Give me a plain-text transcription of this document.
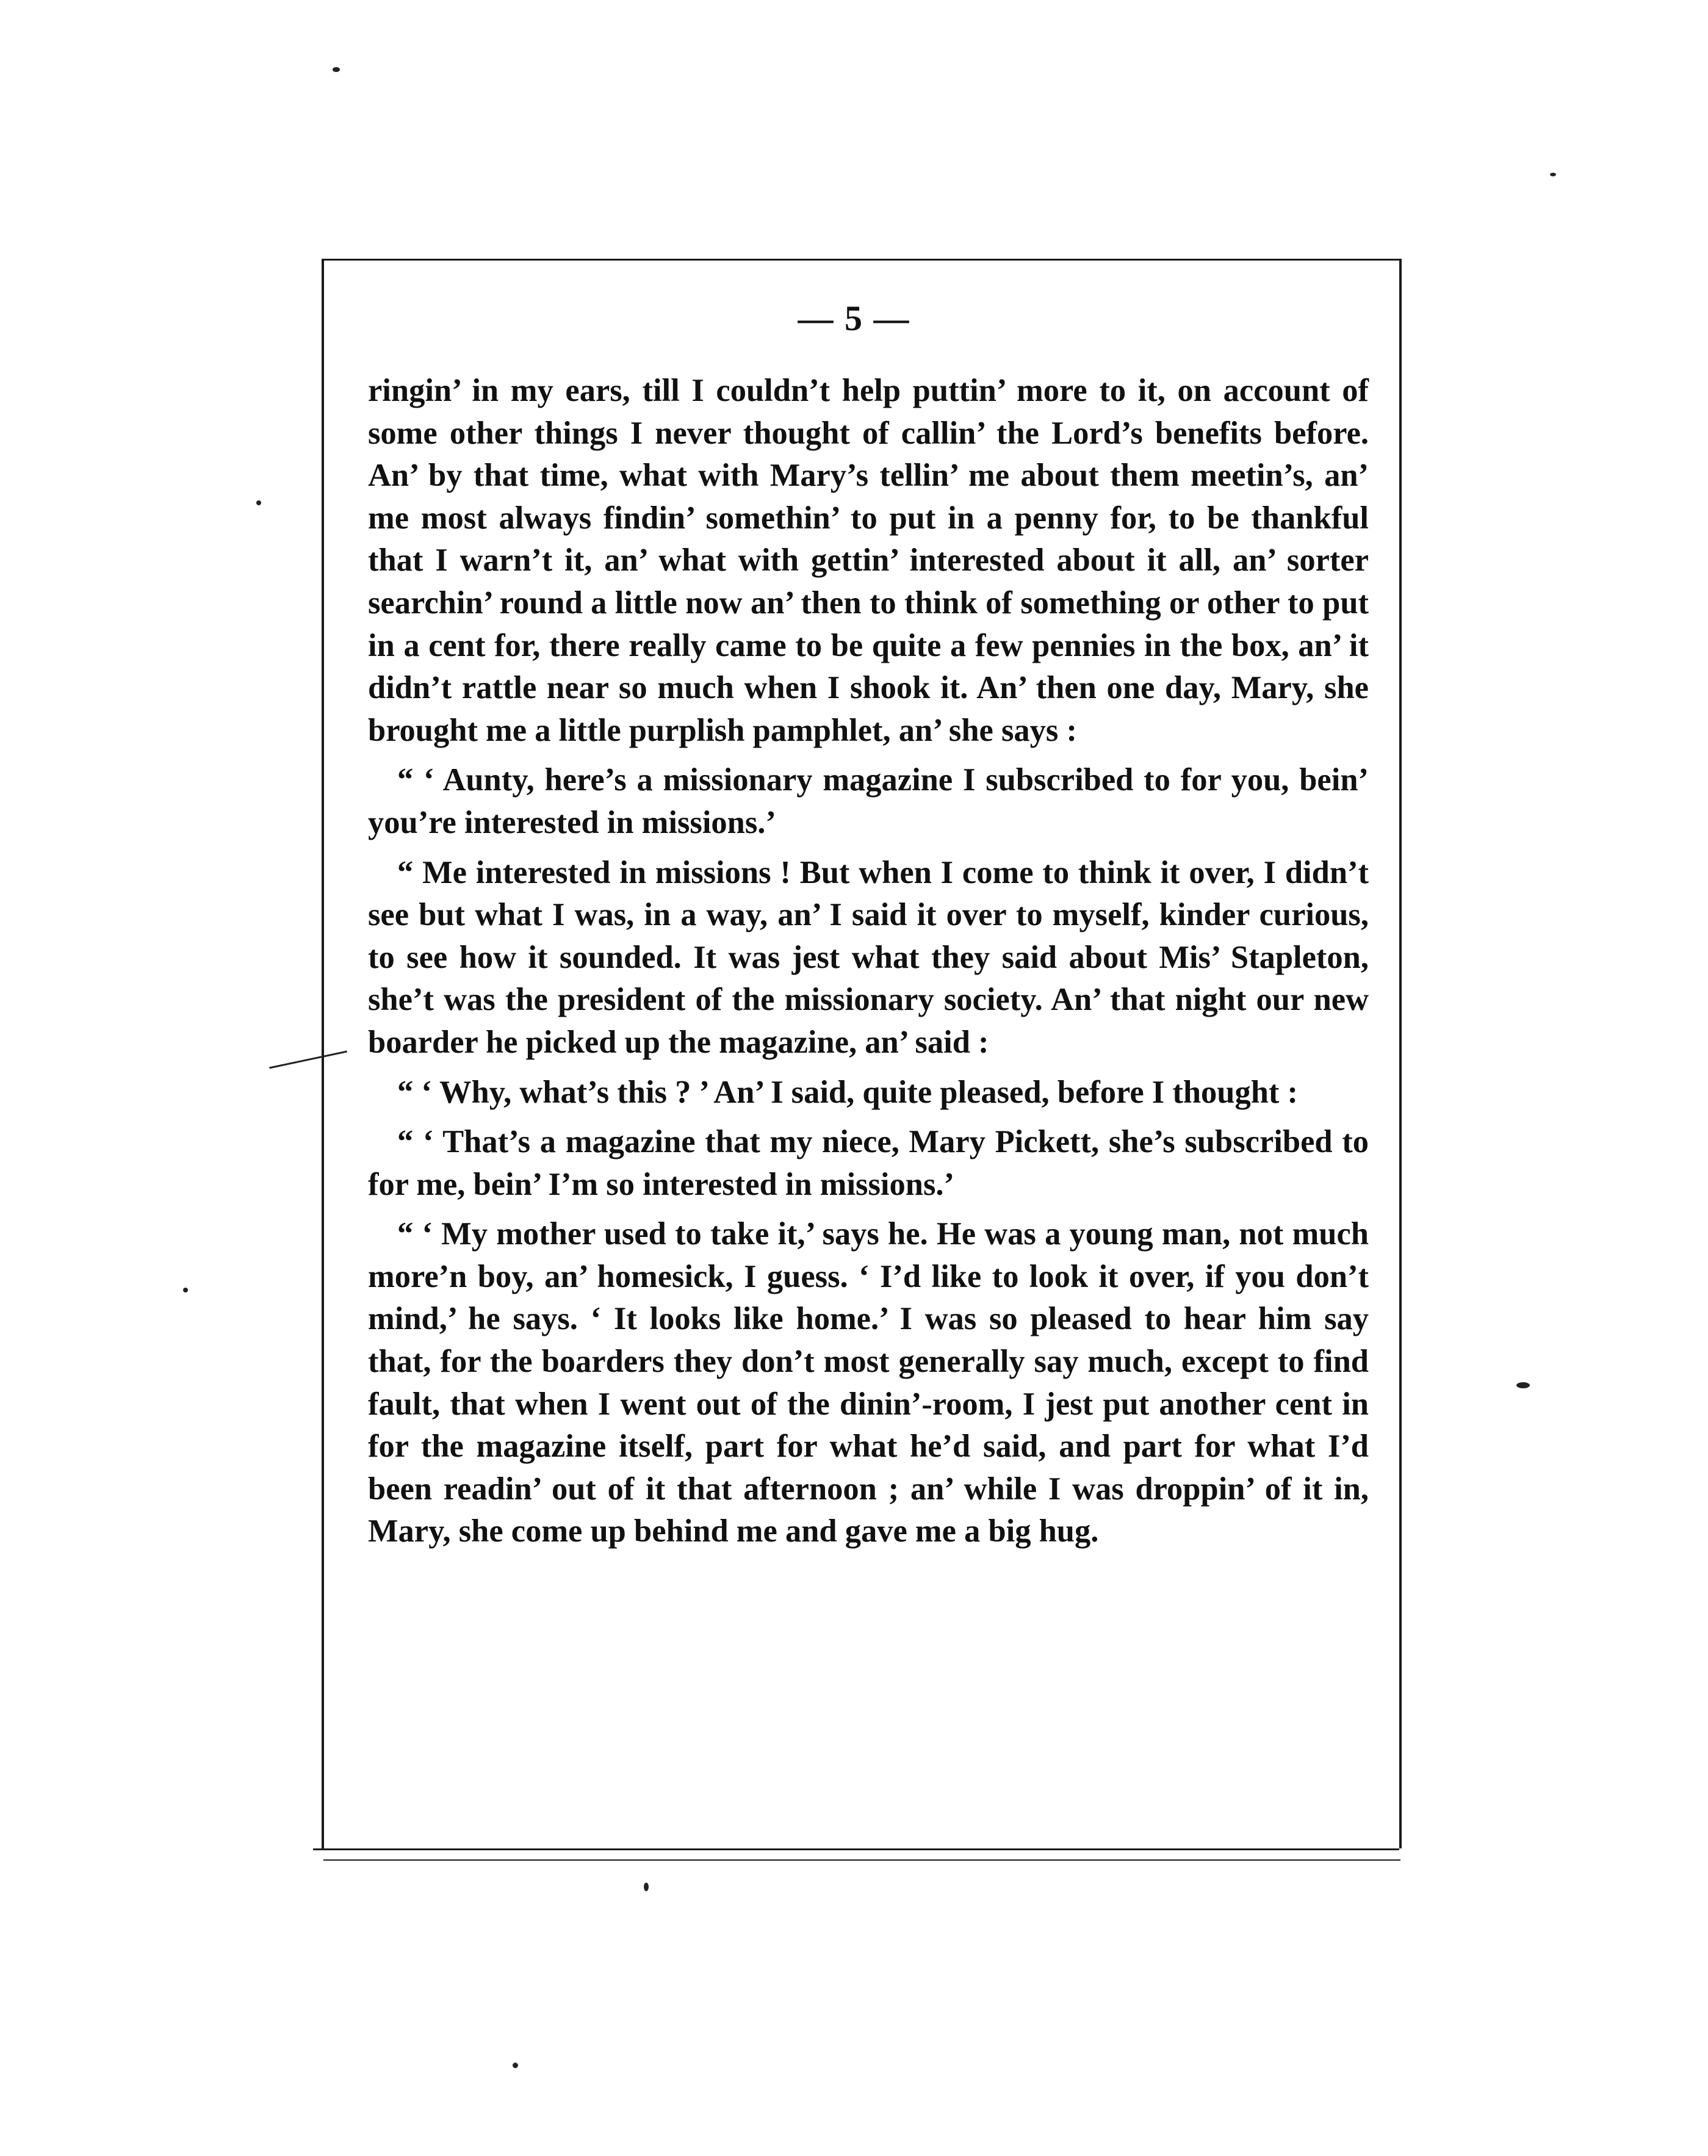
— 5 —

ringin’ in my ears, till I couldn’t help puttin’ more to it, on account of some other things I never thought of callin’ the Lord’s benefits before. An’ by that time, what with Mary’s tellin’ me about them meetin’s, an’ me most always findin’ somethin’ to put in a penny for, to be thankful that I warn’t it, an’ what with gettin’ interested about it all, an’ sorter searchin’ round a little now an’ then to think of something or other to put in a cent for, there really came to be quite a few pennies in the box, an’ it didn’t rattle near so much when I shook it. An’ then one day, Mary, she brought me a little purplish pamphlet, an’ she says :

“ ‘ Aunty, here’s a missionary magazine I subscribed to for you, bein’ you’re interested in missions.’

“ Me interested in missions ! But when I come to think it over, I didn’t see but what I was, in a way, an’ I said it over to myself, kinder curious, to see how it sounded. It was jest what they said about Mis’ Stapleton, she’t was the president of the missionary society. An’ that night our new boarder he picked up the magazine, an’ said :

“ ‘ Why, what’s this ? ’ An’ I said, quite pleased, before I thought :

“ ‘ That’s a magazine that my niece, Mary Pickett, she’s subscribed to for me, bein’ I’m so interested in missions.’

“ ‘ My mother used to take it,’ says he. He was a young man, not much more’n boy, an’ homesick, I guess. ‘ I’d like to look it over, if you don’t mind,’ he says. ‘ It looks like home.’ I was so pleased to hear him say that, for the boarders they don’t most generally say much, except to find fault, that when I went out of the dinin’-room, I jest put another cent in for the magazine itself, part for what he’d said, and part for what I’d been readin’ out of it that afternoon ; an’ while I was droppin’ of it in, Mary, she come up behind me and gave me a big hug.
